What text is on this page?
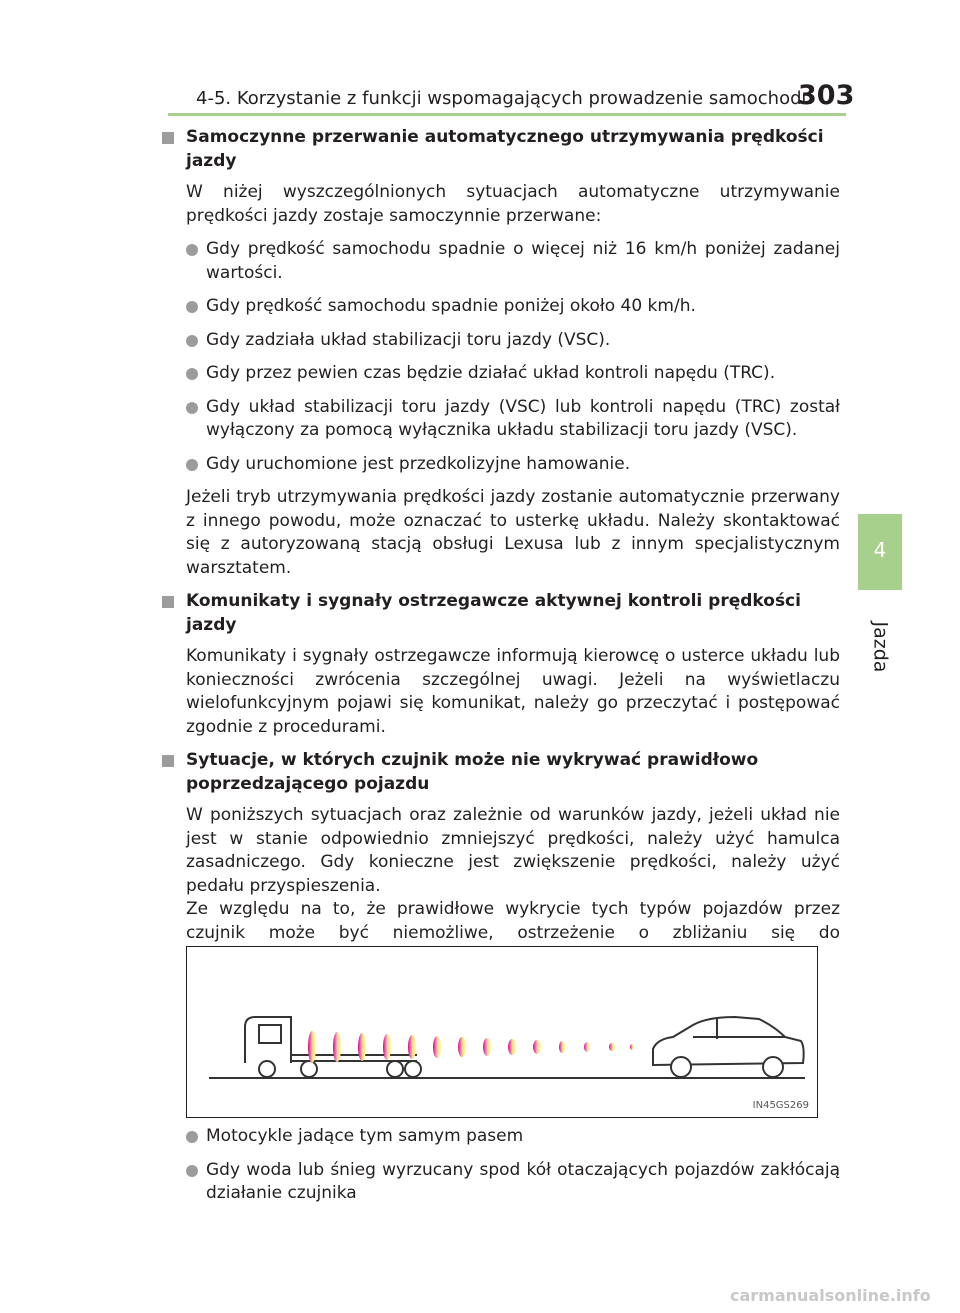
4-5. Korzystanie z funkcji wspomagających prowadzenie samochodu
303
4
Jazda
Samoczynne przerwanie automatycznego utrzymywania prędkości jazdy
W niżej wyszczególnionych sytuacjach automatyczne utrzymywanie prędkości jazdy zostaje samoczynnie przerwane:
Gdy prędkość samochodu spadnie o więcej niż 16 km/h poniżej zadanej wartości.
Gdy prędkość samochodu spadnie poniżej około 40 km/h.
Gdy zadziała układ stabilizacji toru jazdy (VSC).
Gdy przez pewien czas będzie działać układ kontroli napędu (TRC).
Gdy układ stabilizacji toru jazdy (VSC) lub kontroli napędu (TRC) został wyłączony za pomocą wyłącznika układu stabilizacji toru jazdy (VSC).
Gdy uruchomione jest przedkolizyjne hamowanie.
Jeżeli tryb utrzymywania prędkości jazdy zostanie automatycznie przerwany z innego powodu, może oznaczać to usterkę układu. Należy skontaktować się z autoryzowaną stacją obsługi Lexusa lub z innym specjalistycznym warsztatem.
Komunikaty i sygnały ostrzegawcze aktywnej kontroli prędkości jazdy
Komunikaty i sygnały ostrzegawcze informują kierowcę o usterce układu lub konieczności zwrócenia szczególnej uwagi. Jeżeli na wyświetlaczu wielofunkcyjnym pojawi się komunikat, należy go przeczytać i postępować zgodnie z procedurami.
Sytuacje, w których czujnik może nie wykrywać prawidłowo poprzedzającego pojazdu
W poniższych sytuacjach oraz zależnie od warunków jazdy, jeżeli układ nie jest w stanie odpowiednio zmniejszyć prędkości, należy użyć hamulca zasadniczego. Gdy konieczne jest zwiększenie prędkości, należy użyć pedału przyspieszenia.
Ze względu na to, że prawidłowe wykrycie tych typów pojazdów przez czujnik może być niemożliwe, ostrzeżenie o zbliżaniu się do
IN45GS269
Motocykle jadące tym samym pasem
Gdy woda lub śnieg wyrzucany spod kół otaczających pojazdów zakłócają działanie czujnika
carmanualsonline.info
